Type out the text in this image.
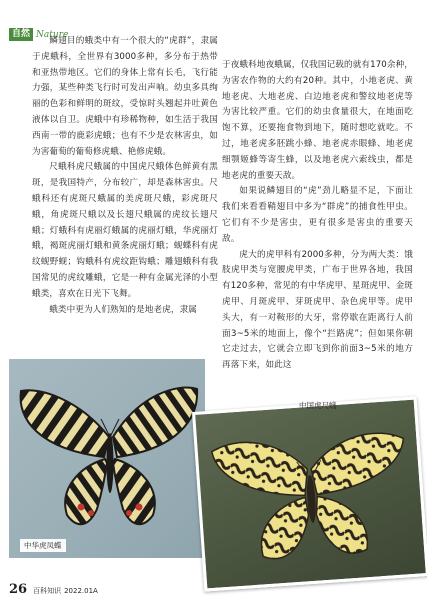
自然 Nature

鳞翅目的蛾类中有一个很大的“虎群”，隶属于虎蛾科，全世界有3000多种，多分布于热带和亚热带地区。它们的身体上常有长毛，飞行能力强，某些种类飞行时可发出声响。幼虫多具绚丽的色彩和鲜明的斑纹，受惊时头翘起并吐黄色液体以自卫。虎蛾中有珍稀物种，如生活于我国西南一带的鹿彩虎蛾；也有不少是农林害虫，如为害葡萄的葡萄修虎蛾、艳修虎蛾。

尺蛾科虎尺蛾属的中国虎尺蛾体色鲜黄有黑斑，是我国特产，分布较广，却是森林害虫。尺蛾科还有虎斑尺蛾属的美虎斑尺蛾，彩虎斑尺蛾，角虎斑尺蛾以及长翅尺蛾属的虎纹长翅尺蛾；灯蛾科有虎丽灯蛾属的虎丽灯蛾，华虎丽灯蛾，褐斑虎丽灯蛾和黄条虎丽灯蛾；蚬蝶科有虎纹蚬野蚬；钩蛾科有虎纹距钩蛾；雕翅蛾科有我国常见的虎纹雕蛾，它是一种有金属光泽的小型蛾类，喜欢在日光下飞舞。

蛾类中更为人们熟知的是地老虎，隶属

于夜蛾科地夜蛾属，仅我国记载的就有170余种，为害农作物的大约有20种。其中，小地老虎、黄地老虎、大地老虎、白边地老虎和警纹地老虎等为害比较严重。它们的幼虫食量很大，在地面吃饱不算，还要拖食物到地下，随时想吃就吃。不过，地老虎多胚跳小蜂、地老虎赤眼蜂、地老虎细颚姬蜂等寄生蜂，以及地老虎六索线虫，都是地老虎的重要天敌。

如果说鳞翅目的“虎”劲儿略显不足，下面让我们来看看鞘翅目中多为“群虎”的捕食性甲虫。它们有不少是害虫，更有很多是害虫的重要天敌。

虎大的虎甲科有2000多种，分为两大类：饿肢虎甲类与宽腰虎甲类，广布于世界各地，我国有120多种，常见的有中华虎甲、星斑虎甲、金斑虎甲、月斑虎甲、芽斑虎甲、杂色虎甲等。虎甲头大，有一对鞍形的大牙，常停歇在距离行人前面3~5米的地面上，像个“拦路虎”；但如果你朝它走过去，它就会立即飞到你前面3~5米的地方再落下来，如此这

中华虎凤蝶
中国虎尺蛾
26 百科知识 2022.01A
